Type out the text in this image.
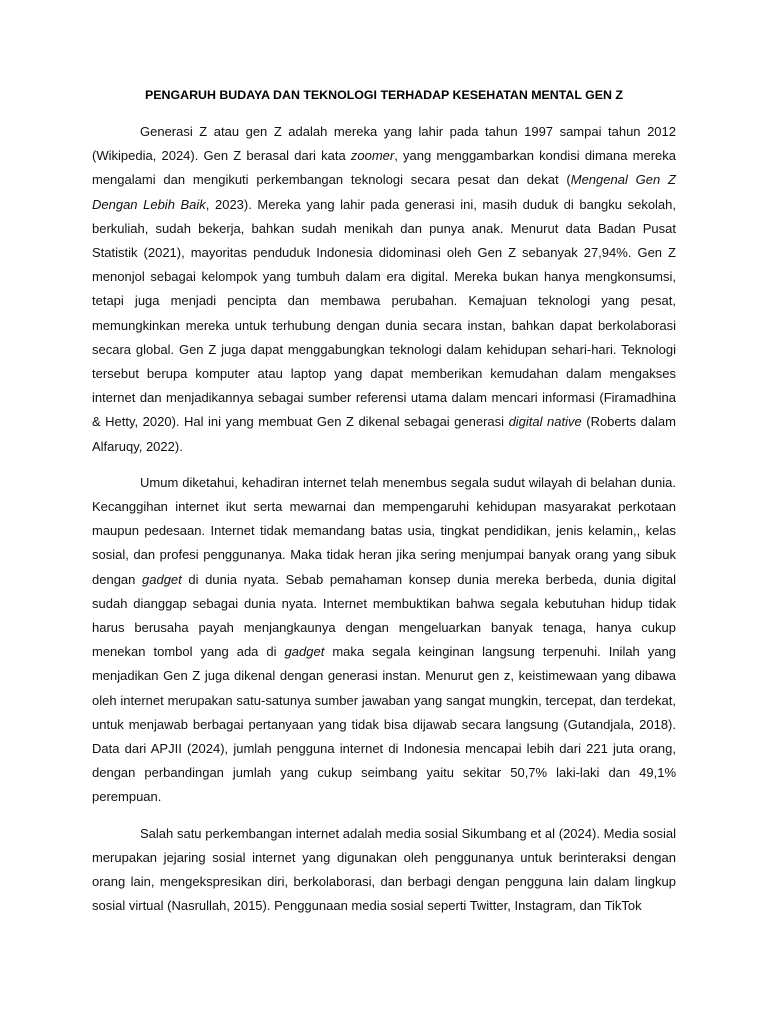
PENGARUH BUDAYA DAN TEKNOLOGI TERHADAP KESEHATAN MENTAL GEN Z

Generasi Z atau gen Z adalah mereka yang lahir pada tahun 1997 sampai tahun 2012 (Wikipedia, 2024). Gen Z berasal dari kata zoomer, yang menggambarkan kondisi dimana mereka mengalami dan mengikuti perkembangan teknologi secara pesat dan dekat (Mengenal Gen Z Dengan Lebih Baik, 2023). Mereka yang lahir pada generasi ini, masih duduk di bangku sekolah, berkuliah, sudah bekerja, bahkan sudah menikah dan punya anak. Menurut data Badan Pusat Statistik (2021), mayoritas penduduk Indonesia didominasi oleh Gen Z sebanyak 27,94%. Gen Z menonjol sebagai kelompok yang tumbuh dalam era digital. Mereka bukan hanya mengkonsumsi, tetapi juga menjadi pencipta dan membawa perubahan. Kemajuan teknologi yang pesat, memungkinkan mereka untuk terhubung dengan dunia secara instan, bahkan dapat berkolaborasi secara global. Gen Z juga dapat menggabungkan teknologi dalam kehidupan sehari-hari. Teknologi tersebut berupa komputer atau laptop yang dapat memberikan kemudahan dalam mengakses internet dan menjadikannya sebagai sumber referensi utama dalam mencari informasi (Firamadhina & Hetty, 2020). Hal ini yang membuat Gen Z dikenal sebagai generasi digital native (Roberts dalam Alfaruqy, 2022).

Umum diketahui, kehadiran internet telah menembus segala sudut wilayah di belahan dunia. Kecanggihan internet ikut serta mewarnai dan mempengaruhi kehidupan masyarakat perkotaan maupun pedesaan. Internet tidak memandang batas usia, tingkat pendidikan, jenis kelamin,, kelas sosial, dan profesi penggunanya. Maka tidak heran jika sering menjumpai banyak orang yang sibuk dengan gadget di dunia nyata. Sebab pemahaman konsep dunia mereka berbeda, dunia digital sudah dianggap sebagai dunia nyata. Internet membuktikan bahwa segala kebutuhan hidup tidak harus berusaha payah menjangkaunya dengan mengeluarkan banyak tenaga, hanya cukup menekan tombol yang ada di gadget maka segala keinginan langsung terpenuhi. Inilah yang menjadikan Gen Z juga dikenal dengan generasi instan. Menurut gen z, keistimewaan yang dibawa oleh internet merupakan satu-satunya sumber jawaban yang sangat mungkin, tercepat, dan terdekat, untuk menjawab berbagai pertanyaan yang tidak bisa dijawab secara langsung (Gutandjala, 2018). Data dari APJII (2024), jumlah pengguna internet di Indonesia mencapai lebih dari 221 juta orang, dengan perbandingan jumlah yang cukup seimbang yaitu sekitar 50,7% laki-laki dan 49,1% perempuan.

Salah satu perkembangan internet adalah media sosial Sikumbang et al (2024). Media sosial merupakan jejaring sosial internet yang digunakan oleh penggunanya untuk berinteraksi dengan orang lain, mengekspresikan diri, berkolaborasi, dan berbagi dengan pengguna lain dalam lingkup sosial virtual (Nasrullah, 2015). Penggunaan media sosial seperti Twitter, Instagram, dan TikTok
